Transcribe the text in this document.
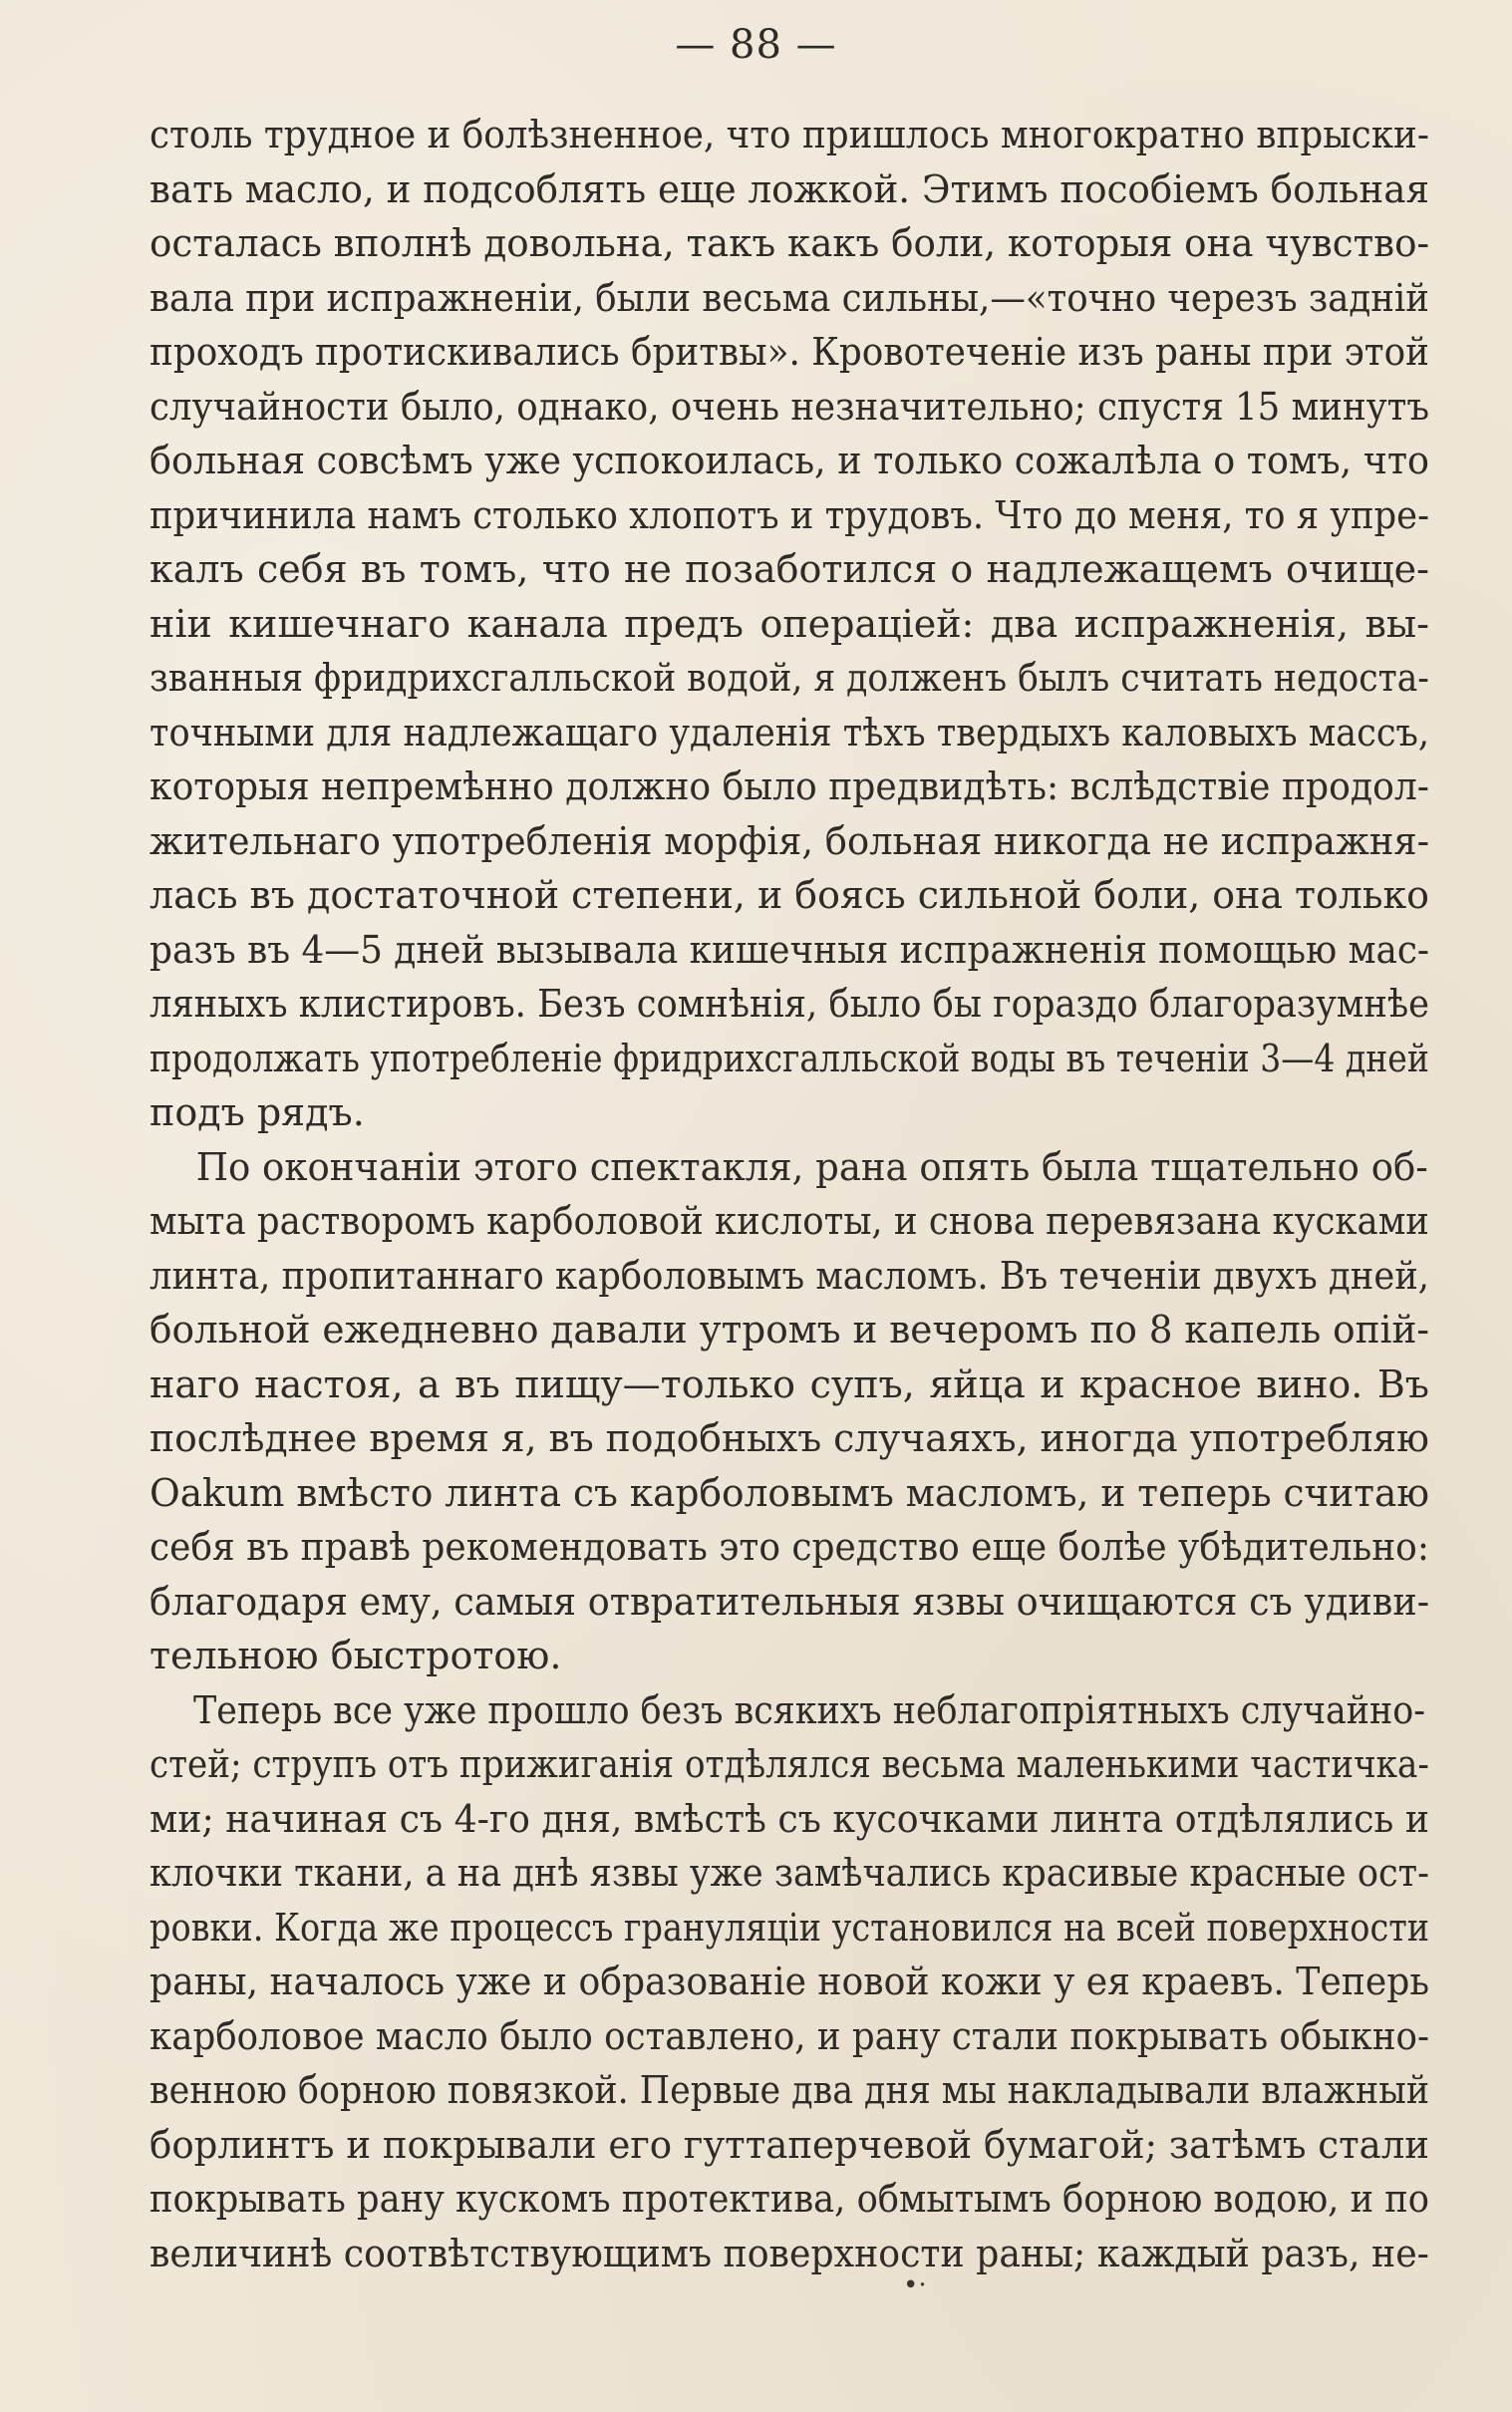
— 88 —
столь трудное и болѣзненное, что пришлось многократно впрыски-
вать масло, и подсоблять еще ложкой. Этимъ пособіемъ больная
осталась вполнѣ довольна, такъ какъ боли, которыя она чувство-
вала при испражненіи, были весьма сильны,—«точно черезъ задній
проходъ протискивались бритвы». Кровотеченіе изъ раны при этой
случайности было, однако, очень незначительно; спустя 15 минутъ
больная совсѣмъ уже успокоилась, и только сожалѣла о томъ, что
причинила намъ столько хлопотъ и трудовъ. Что до меня, то я упре-
калъ себя въ томъ, что не позаботился о надлежащемъ очище-
ніи кишечнаго канала предъ операціей: два испражненія, вы-
званныя фридрихсгалльской водой, я долженъ былъ считать недоста-
точными для надлежащаго удаленія тѣхъ твердыхъ каловыхъ массъ,
которыя непремѣнно должно было предвидѣть: вслѣдствіе продол-
жительнаго употребленія морфія, больная никогда не испражня-
лась въ достаточной степени, и боясь сильной боли, она только
разъ въ 4—5 дней вызывала кишечныя испражненія помощью мас-
ляныхъ клистировъ. Безъ сомнѣнія, было бы гораздо благоразумнѣе
продолжать употребленіе фридрихсгалльской воды въ теченіи 3—4 дней
подъ рядъ.
По окончаніи этого спектакля, рана опять была тщательно об-
мыта растворомъ карболовой кислоты, и снова перевязана кусками
линта, пропитаннаго карболовымъ масломъ. Въ теченіи двухъ дней,
больной ежедневно давали утромъ и вечеромъ по 8 капель опій-
наго настоя, а въ пищу—только супъ, яйца и красное вино. Въ
послѣднее время я, въ подобныхъ случаяхъ, иногда употребляю
Oakum вмѣсто линта съ карболовымъ масломъ, и теперь считаю
себя въ правѣ рекомендовать это средство еще болѣе убѣдительно:
благодаря ему, самыя отвратительныя язвы очищаются съ удиви-
тельною быстротою.
Теперь все уже прошло безъ всякихъ неблагопріятныхъ случайно-
стей; струпъ отъ прижиганія отдѣлялся весьма маленькими частичка-
ми; начиная съ 4-го дня, вмѣстѣ съ кусочками линта отдѣлялись и
клочки ткани, а на днѣ язвы уже замѣчались красивые красные ост-
ровки. Когда же процессъ грануляціи установился на всей поверхности
раны, началось уже и образованіе новой кожи у ея краевъ. Теперь
карболовое масло было оставлено, и рану стали покрывать обыкно-
венною борною повязкой. Первые два дня мы накладывали влажный
борлинтъ и покрывали его гуттаперчевой бумагой; затѣмъ стали
покрывать рану кускомъ протектива, обмытымъ борною водою, и по
величинѣ соотвѣтствующимъ поверхности раны; каждый разъ, не-
•·
